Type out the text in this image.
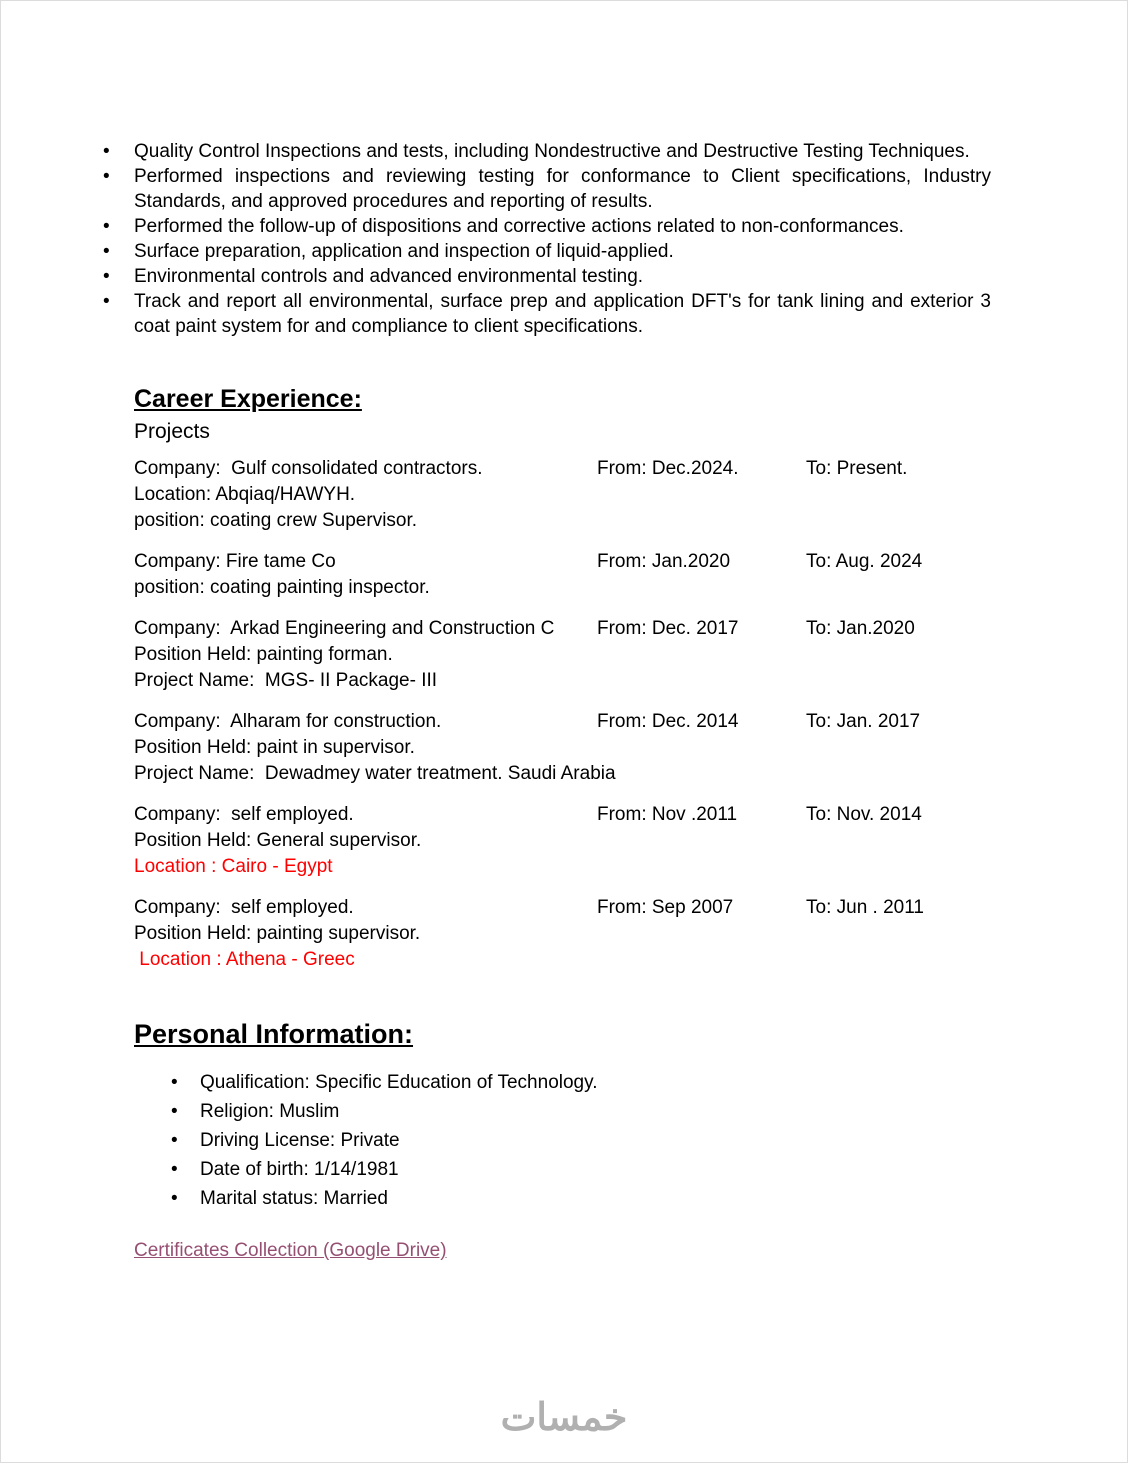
• Quality Control Inspections and tests, including Nondestructive and Destructive Testing Techniques.
• Performed inspections and reviewing testing for conformance to Client specifications, Industry Standards, and approved procedures and reporting of results.
• Performed the follow-up of dispositions and corrective actions related to non-conformances.
• Surface preparation, application and inspection of liquid-applied.
• Environmental controls and advanced environmental testing.
• Track and report all environmental, surface prep and application DFT's for tank lining and exterior 3 coat paint system for and compliance to client specifications.
Career Experience:
Projects
Company:  Gulf consolidated contractors.	From: Dec.2024.	To: Present.
Location: Abqiaq/HAWYH.
position: coating crew Supervisor.
Company: Fire tame Co	From: Jan.2020	To: Aug. 2024
position: coating painting inspector.
Company:  Arkad Engineering and Construction C	From: Dec. 2017	To: Jan.2020
Position Held: painting forman.
Project Name:  MGS- II Package- III
Company:  Alharam for construction.	From: Dec. 2014	To: Jan. 2017
Position Held: paint in supervisor.
Project Name:  Dewadmey water treatment. Saudi Arabia
Company:  self employed.	From: Nov .2011	To: Nov. 2014
Position Held: General supervisor.
Location : Cairo - Egypt
Company:  self employed.	From: Sep 2007	To: Jun . 2011
Position Held: painting supervisor.
Location : Athena - Greec
Personal Information:
• Qualification: Specific Education of Technology.
• Religion: Muslim
• Driving License: Private
• Date of birth: 1/14/1981
• Marital status: Married
Certificates Collection (Google Drive)
خمسات
